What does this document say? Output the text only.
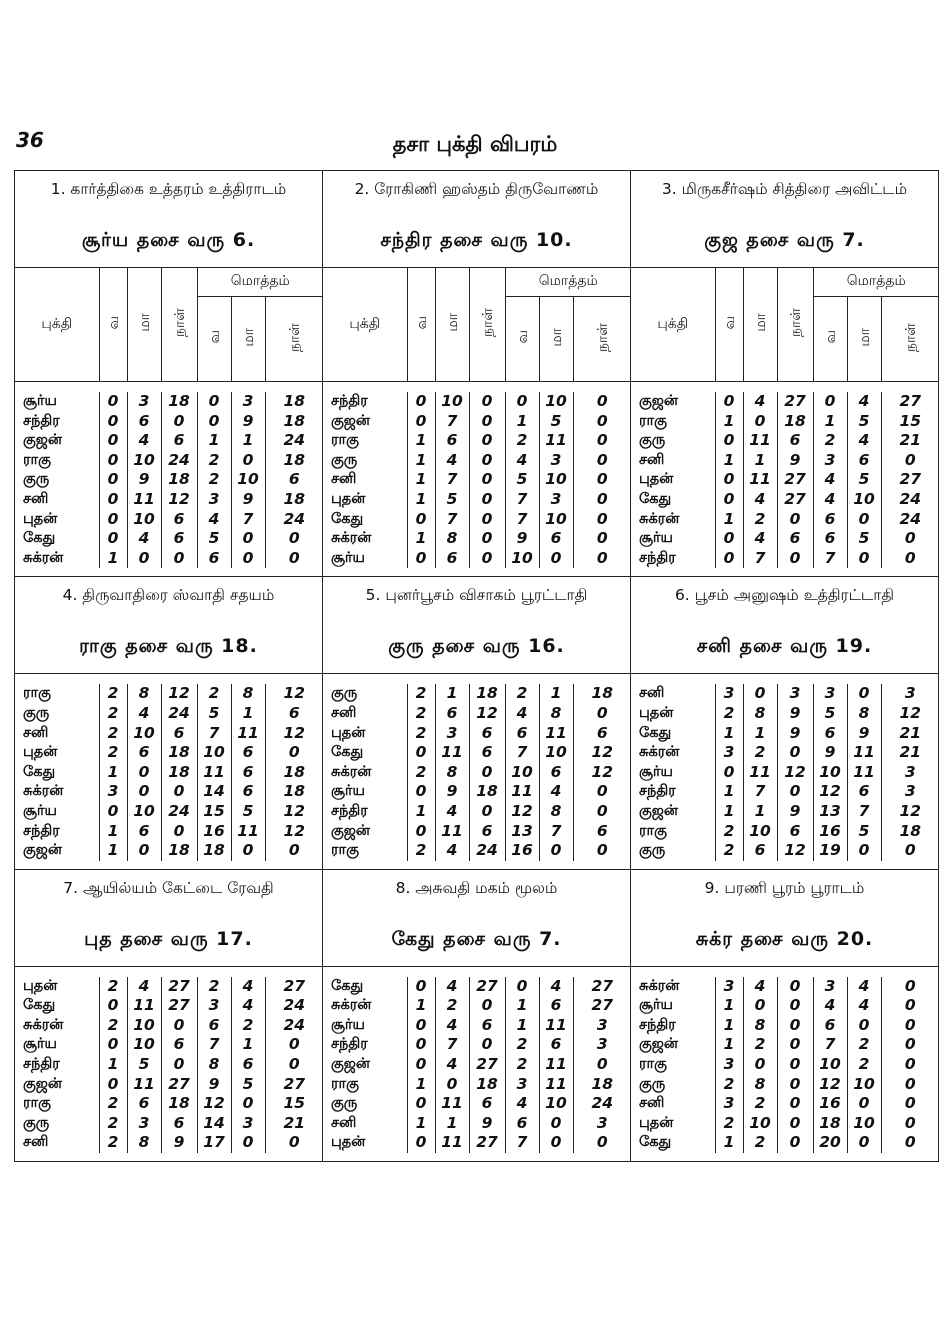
36	தசா புக்தி விபரம்
1. கார்த்திகை உத்தரம் உத்திராடம்
சூர்ய தசை வரு 6.

2. ரோகிணி ஹஸ்தம் திருவோணம்
சந்திர தசை வரு 10.

3. மிருகசீர்ஷம் சித்திரை அவிட்டம்
குஜ தசை வரு 7.

புக்தி	வ	மா	நாள்	மொத்தம்
வ	மா	நாள்
		புக்தி	வ	மா	நாள்	மொத்தம்
வ	மா	நாள்
		புக்தி	வ	மா	நாள்	மொத்தம்
வ	மா	நாள்

சூர்ய	0	3	18	0	3	18
சந்திர	0	6	0	0	9	18
குஜன்	0	4	6	1	1	24
ராகு	0	10	24	2	0	18
குரு	0	9	18	2	10	6
சனி	0	11	12	3	9	18
புதன்	0	10	6	4	7	24
கேது	0	4	6	5	0	0
சுக்ரன்	1	0	0	6	0	0

சந்திர	0	10	0	0	10	0
குஜன்	0	7	0	1	5	0
ராகு	1	6	0	2	11	0
குரு	1	4	0	4	3	0
சனி	1	7	0	5	10	0
புதன்	1	5	0	7	3	0
கேது	0	7	0	7	10	0
சுக்ரன்	1	8	0	9	6	0
சூர்ய	0	6	0	10	0	0

குஜன்	0	4	27	0	4	27
ராகு	1	0	18	1	5	15
குரு	0	11	6	2	4	21
சனி	1	1	9	3	6	0
புதன்	0	11	27	4	5	27
கேது	0	4	27	4	10	24
சுக்ரன்	1	2	0	6	0	24
சூர்ய	0	4	6	6	5	0
சந்திர	0	7	0	7	0	0

4. திருவாதிரை ஸ்வாதி சதயம்
ராகு தசை வரு 18.

5. புனர்பூசம் விசாகம் பூரட்டாதி
குரு தசை வரு 16.

6. பூசம் அனுஷம் உத்திரட்டாதி
சனி தசை வரு 19.

ராகு	2	8	12	2	8	12
குரு	2	4	24	5	1	6
சனி	2	10	6	7	11	12
புதன்	2	6	18	10	6	0
கேது	1	0	18	11	6	18
சுக்ரன்	3	0	0	14	6	18
சூர்ய	0	10	24	15	5	12
சந்திர	1	6	0	16	11	12
குஜன்	1	0	18	18	0	0

குரு	2	1	18	2	1	18
சனி	2	6	12	4	8	0
புதன்	2	3	6	6	11	6
கேது	0	11	6	7	10	12
சுக்ரன்	2	8	0	10	6	12
சூர்ய	0	9	18	11	4	0
சந்திர	1	4	0	12	8	0
குஜன்	0	11	6	13	7	6
ராகு	2	4	24	16	0	0

சனி	3	0	3	3	0	3
புதன்	2	8	9	5	8	12
கேது	1	1	9	6	9	21
சுக்ரன்	3	2	0	9	11	21
சூர்ய	0	11	12	10	11	3
சந்திர	1	7	0	12	6	3
குஜன்	1	1	9	13	7	12
ராகு	2	10	6	16	5	18
குரு	2	6	12	19	0	0

7. ஆயில்யம் கேட்டை ரேவதி
புத தசை வரு 17.

8. அசுவதி மகம் மூலம்
கேது தசை வரு 7.

9. பரணி பூரம் பூராடம்
சுக்ர தசை வரு 20.

புதன்	2	4	27	2	4	27
கேது	0	11	27	3	4	24
சுக்ரன்	2	10	0	6	2	24
சூர்ய	0	10	6	7	1	0
சந்திர	1	5	0	8	6	0
குஜன்	0	11	27	9	5	27
ராகு	2	6	18	12	0	15
குரு	2	3	6	14	3	21
சனி	2	8	9	17	0	0

கேது	0	4	27	0	4	27
சுக்ரன்	1	2	0	1	6	27
சூர்ய	0	4	6	1	11	3
சந்திர	0	7	0	2	6	3
குஜன்	0	4	27	2	11	0
ராகு	1	0	18	3	11	18
குரு	0	11	6	4	10	24
சனி	1	1	9	6	0	3
புதன்	0	11	27	7	0	0

சுக்ரன்	3	4	0	3	4	0
சூர்ய	1	0	0	4	4	0
சந்திர	1	8	0	6	0	0
குஜன்	1	2	0	7	2	0
ராகு	3	0	0	10	2	0
குரு	2	8	0	12	10	0
சனி	3	2	0	16	0	0
புதன்	2	10	0	18	10	0
கேது	1	2	0	20	0	0
